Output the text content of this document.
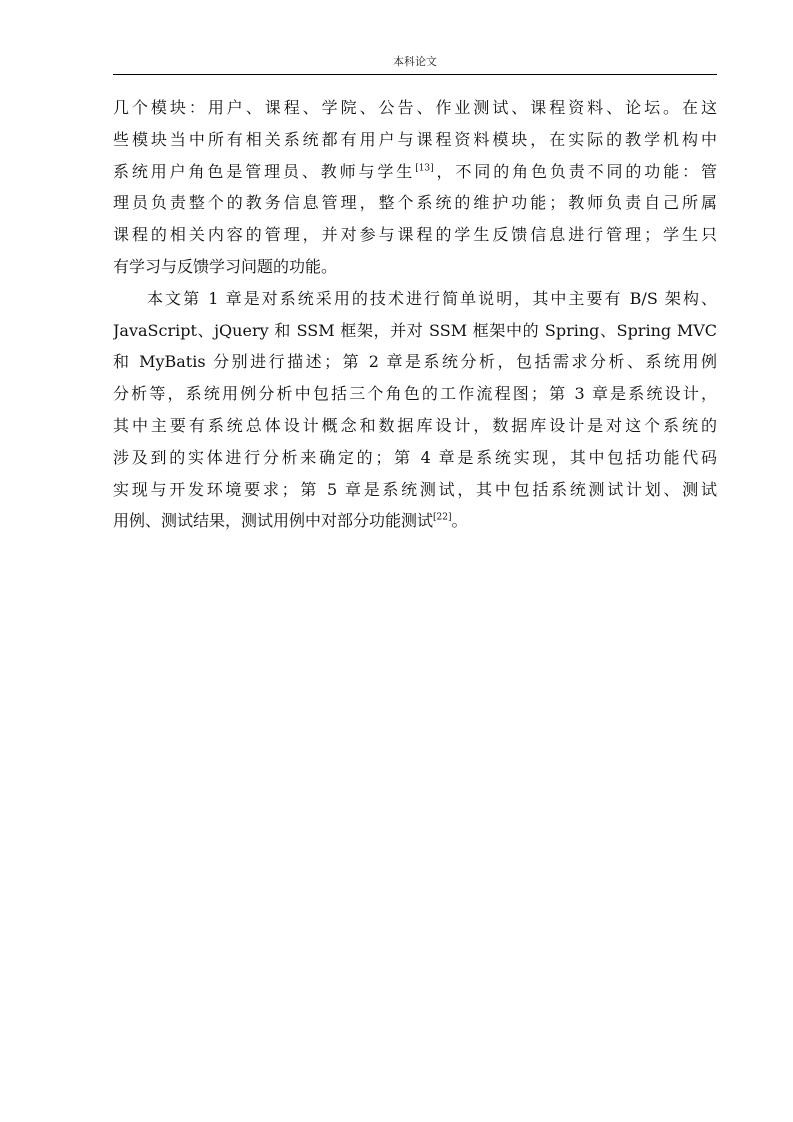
本科论文
几个模块：用户、课程、学院、公告、作业测试、课程资料、论坛。在这
些模块当中所有相关系统都有用户与课程资料模块，在实际的教学机构中
系统用户角色是管理员、教师与学生[13]，不同的角色负责不同的功能：管
理员负责整个的教务信息管理，整个系统的维护功能；教师负责自己所属
课程的相关内容的管理，并对参与课程的学生反馈信息进行管理；学生只
有学习与反馈学习问题的功能。
本文第 1 章是对系统采用的技术进行简单说明，其中主要有 B/S 架构、
JavaScript、jQuery 和 SSM 框架，并对 SSM 框架中的 Spring、Spring MVC
和 MyBatis 分别进行描述；第 2 章是系统分析，包括需求分析、系统用例
分析等，系统用例分析中包括三个角色的工作流程图；第 3 章是系统设计，
其中主要有系统总体设计概念和数据库设计，数据库设计是对这个系统的
涉及到的实体进行分析来确定的；第 4 章是系统实现，其中包括功能代码
实现与开发环境要求；第 5 章是系统测试，其中包括系统测试计划、测试
用例、测试结果，测试用例中对部分功能测试[22]。
